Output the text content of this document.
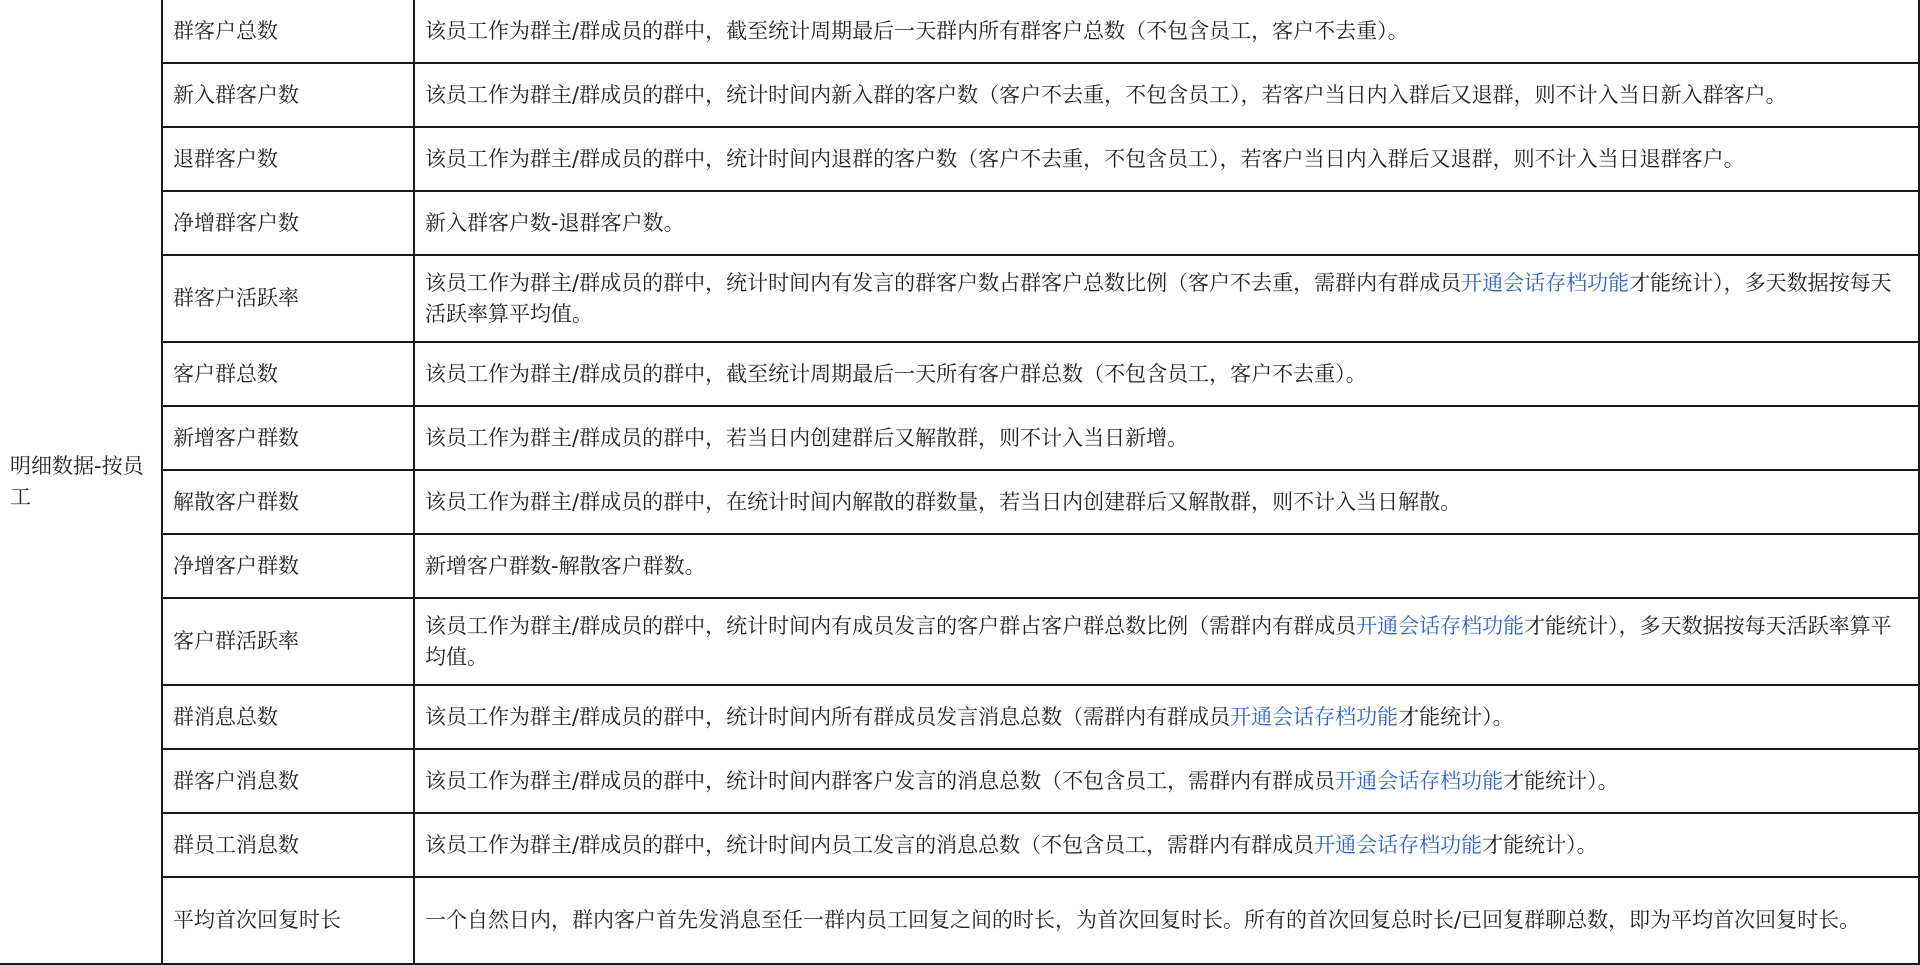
明细数据-按员工	群客户总数	该员工作为群主/群成员的群中，截至统计周期最后一天群内所有群客户总数（不包含员工，客户不去重）。
	新入群客户数	该员工作为群主/群成员的群中，统计时间内新入群的客户数（客户不去重，不包含员工），若客户当日内入群后又退群，则不计入当日新入群客户。
	退群客户数	该员工作为群主/群成员的群中，统计时间内退群的客户数（客户不去重，不包含员工），若客户当日内入群后又退群，则不计入当日退群客户。
	净增群客户数	新入群客户数-退群客户数。
	群客户活跃率	该员工作为群主/群成员的群中，统计时间内有发言的群客户数占群客户总数比例（客户不去重，需群内有群成员开通会话存档功能才能统计），多天数据按每天活跃率算平均值。
	客户群总数	该员工作为群主/群成员的群中，截至统计周期最后一天所有客户群总数（不包含员工，客户不去重）。
	新增客户群数	该员工作为群主/群成员的群中，若当日内创建群后又解散群，则不计入当日新增。
	解散客户群数	该员工作为群主/群成员的群中，在统计时间内解散的群数量，若当日内创建群后又解散群，则不计入当日解散。
	净增客户群数	新增客户群数-解散客户群数。
	客户群活跃率	该员工作为群主/群成员的群中，统计时间内有成员发言的客户群占客户群总数比例（需群内有群成员开通会话存档功能才能统计），多天数据按每天活跃率算平均值。
	群消息总数	该员工作为群主/群成员的群中，统计时间内所有群成员发言消息总数（需群内有群成员开通会话存档功能才能统计）。
	群客户消息数	该员工作为群主/群成员的群中，统计时间内群客户发言的消息总数（不包含员工，需群内有群成员开通会话存档功能才能统计）。
	群员工消息数	该员工作为群主/群成员的群中，统计时间内员工发言的消息总数（不包含员工，需群内有群成员开通会话存档功能才能统计）。
	平均首次回复时长	一个自然日内，群内客户首先发消息至任一群内员工回复之间的时长，为首次回复时长。所有的首次回复总时长/已回复群聊总数，即为平均首次回复时长。
